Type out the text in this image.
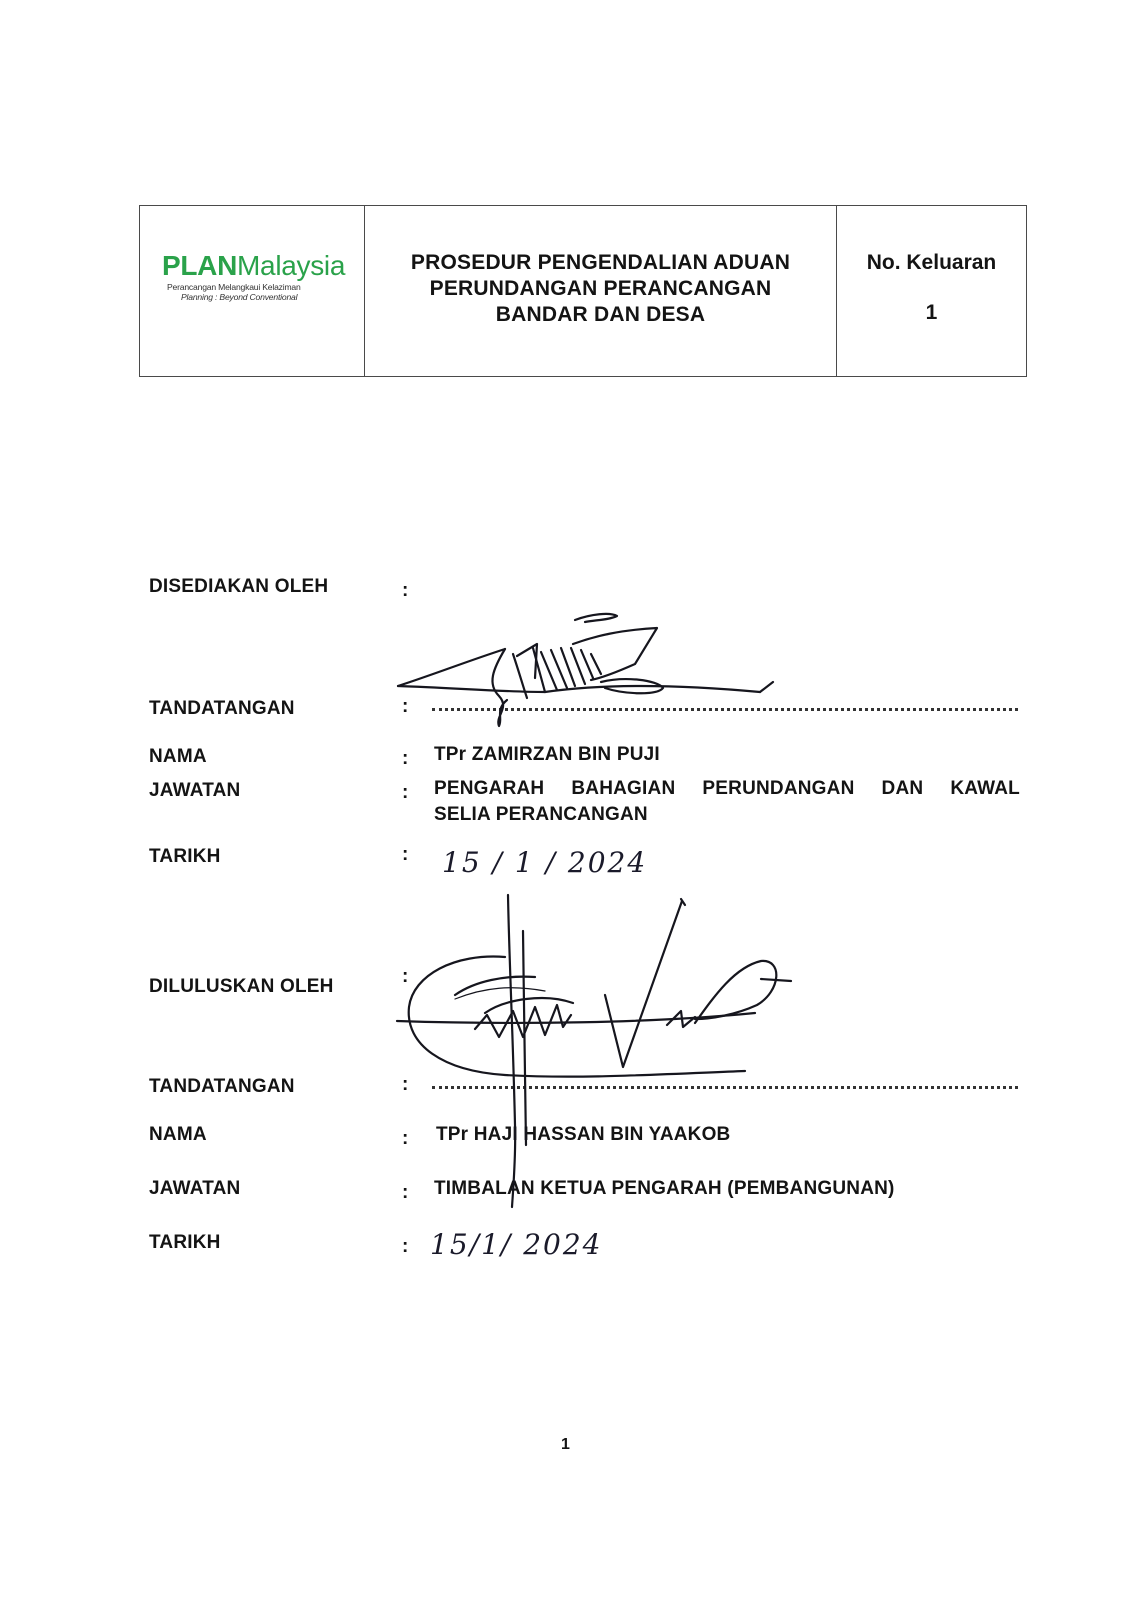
PLANMalaysia
Perancangan Melangkaui Kelaziman
Planning : Beyond Conventional
PROSEDUR PENGENDALIAN ADUAN
PERUNDANGAN PERANCANGAN
BANDAR DAN DESA
No. Keluaran
1
DISEDIAKAN OLEH	:
TANDATANGAN	:
NAMA	: TPr ZAMIRZAN BIN PUJI
JAWATAN	: PENGARAH BAHAGIAN PERUNDANGAN DAN KAWAL
SELIA PERANCANGAN
TARIKH	: 15 / 1 / 2024
DILULUSKAN OLEH	:
TANDATANGAN	:
NAMA	: TPr HAJI HASSAN BIN YAAKOB
JAWATAN	: TIMBALAN KETUA PENGARAH (PEMBANGUNAN)
TARIKH	: 15/1/ 2024
1
